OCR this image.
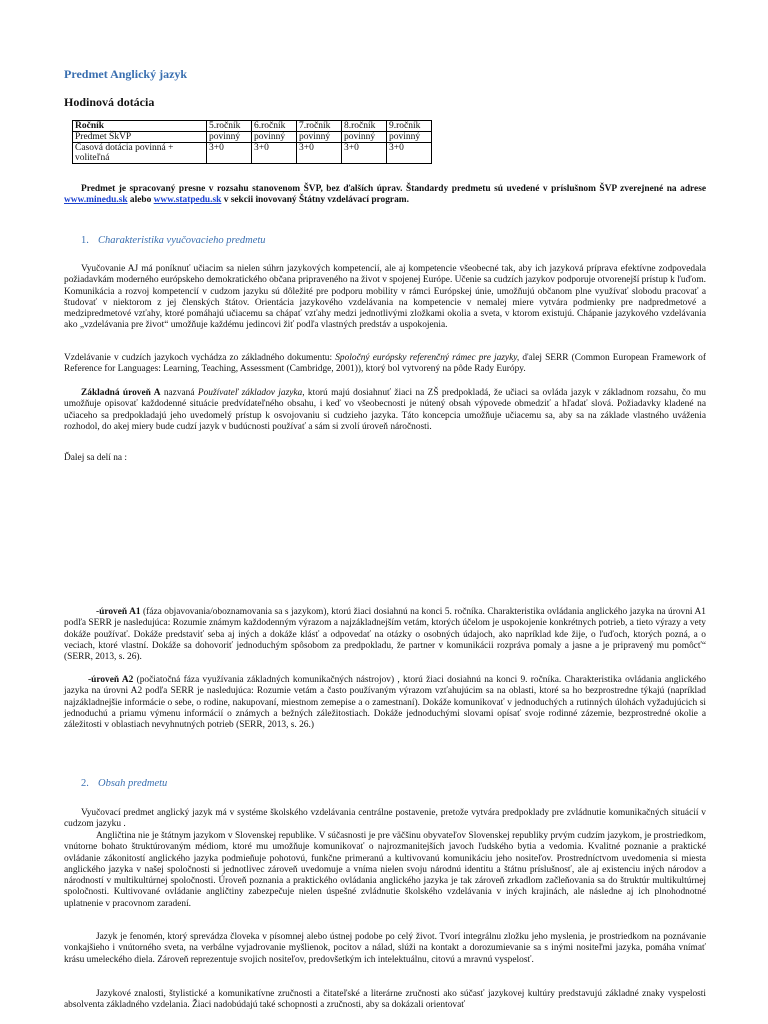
Predmet Anglický jazyk
Hodinová dotácia
Ročník	5.ročník	6.ročník	7.ročník	8.ročník	9.ročník
Predmet ŠkVP	povinný	povinný	povinný	povinný	povinný
Časová dotácia povinná + voliteľná	3+0	3+0	3+0	3+0	3+0
Predmet je spracovaný presne v rozsahu stanovenom ŠVP, bez ďalších úprav. Štandardy predmetu sú uvedené v príslušnom ŠVP zverejnené na adrese www.minedu.sk alebo www.statpedu.sk v sekcii inovovaný Štátny vzdelávací program.
1. Charakteristika vyučovacieho predmetu
Vyučovanie AJ má poníknuť učiacim sa nielen súhrn jazykových kompetencií, ale aj kompetencie všeobecné tak, aby ich jazyková príprava efektívne zodpovedala požiadavkám moderného európskeho demokratického občana pripraveného na život v spojenej Európe. Učenie sa cudzích jazykov podporuje otvorenejší prístup k ľuďom. Komunikácia a rozvoj kompetencií v cudzom jazyku sú dôležité pre podporu mobility v rámci Európskej únie, umožňujú občanom plne využívať slobodu pracovať a študovať v niektorom z jej členských štátov. Orientácia jazykového vzdelávania na kompetencie v nemalej miere vytvára podmienky pre nadpredmetové a medzipredmetové vzťahy, ktoré pomáhajú učiacemu sa chápať vzťahy medzi jednotlivými zložkami okolia a sveta, v ktorom existujú. Chápanie jazykového vzdelávania ako „vzdelávania pre život“ umožňuje každému jedincovi žiť podľa vlastných predstáv a uspokojenia.
Vzdelávanie v cudzích jazykoch vychádza zo základného dokumentu: Spoločný európsky referenčný rámec pre jazyky, ďalej SERR (Common European Framework of Reference for Languages: Learning, Teaching, Assessment (Cambridge, 2001)), ktorý bol vytvorený na pôde Rady Európy.
Základná úroveň A nazvaná Používateľ základov jazyka, ktorú majú dosiahnuť žiaci na ZŠ predpokladá, že učiaci sa ovláda jazyk v základnom rozsahu, čo mu umožňuje opisovať každodenné situácie predvídateľného obsahu, i keď vo všeobecnosti je nútený obsah výpovede obmedziť a hľadať slová. Požiadavky kladené na učiaceho sa predpokladajú jeho uvedomelý prístup k osvojovaniu si cudzieho jazyka. Táto koncepcia umožňuje učiacemu sa, aby sa na základe vlastného uváženia rozhodol, do akej miery bude cudzí jazyk v budúcnosti používať a sám si zvolí úroveň náročnosti.
Ďalej sa delí na :
-úroveň A1 (fáza objavovania/oboznamovania sa s jazykom), ktorú žiaci dosiahnú na konci 5. ročníka. Charakteristika ovládania anglického jazyka na úrovni A1 podľa SERR je nasledujúca: Rozumie známym každodenným výrazom a najzákladnejším vetám, ktorých účelom je uspokojenie konkrétnych potrieb, a tieto výrazy a vety dokáže používať. Dokáže predstaviť seba aj iných a dokáže klásť a odpovedať na otázky o osobných údajoch, ako napríklad kde žije, o ľuďoch, ktorých pozná, a o veciach, ktoré vlastní. Dokáže sa dohovoriť jednoduchým spôsobom za predpokladu, že partner v komunikácii rozpráva pomaly a jasne a je pripravený mu pomôcť“ (SERR, 2013, s. 26).
-úroveň A2 (počiatočná fáza využívania základných komunikačných nástrojov) , ktorú žiaci dosiahnú na konci 9. ročníka. Charakteristika ovládania anglického jazyka na úrovni A2 podľa SERR je nasledujúca: Rozumie vetám a často používaným výrazom vzťahujúcim sa na oblasti, ktoré sa ho bezprostredne týkajú (napríklad najzákladnejšie informácie o sebe, o rodine, nakupovaní, miestnom zemepise a o zamestnaní). Dokáže komunikovať v jednoduchých a rutinných úlohách vyžadujúcich si jednoduchú a priamu výmenu informácií o známych a bežných záležitostiach. Dokáže jednoduchými slovami opísať svoje rodinné zázemie, bezprostredné okolie a záležitosti v oblastiach nevyhnutných potrieb (SERR, 2013, s. 26.)
2. Obsah predmetu
Vyučovací predmet anglický jazyk má v systéme školského vzdelávania centrálne postavenie, pretože vytvára predpoklady pre zvládnutie komunikačných situácií v cudzom jazyku .
Angličtina nie je štátnym jazykom v Slovenskej republike. V súčasnosti je pre väčšinu obyvateľov Slovenskej republiky prvým cudzím jazykom, je prostriedkom, vnútorne bohato štruktúrovaným médiom, ktoré mu umožňuje komunikovať o najrozmanitejších javoch ľudského bytia a vedomia. Kvalitné poznanie a praktické ovládanie zákonitostí anglického jazyka podmieňuje pohotovú, funkčne primeranú a kultivovanú komunikáciu jeho nositeľov. Prostredníctvom uvedomenia si miesta anglického jazyka v našej spoločnosti si jednotlivec zároveň uvedomuje a vníma nielen svoju národnú identitu a štátnu príslušnosť, ale aj existenciu iných národov a národností v multikultúrnej spoločnosti. Úroveň poznania a praktického ovládania anglického jazyka je tak zároveň zrkadlom začleňovania sa do štruktúr multikultúrnej spoločnosti. Kultivované ovládanie angličtiny zabezpečuje nielen úspešné zvládnutie školského vzdelávania v iných krajinách, ale následne aj ich plnohodnotné uplatnenie v pracovnom zaradení.
Jazyk je fenomén, ktorý sprevádza človeka v písomnej alebo ústnej podobe po celý život. Tvorí integrálnu zložku jeho myslenia, je prostriedkom na poznávanie vonkajšieho i vnútorného sveta, na verbálne vyjadrovanie myšlienok, pocitov a nálad, slúži na kontakt a dorozumievanie sa s inými nositeľmi jazyka, pomáha vnímať krásu umeleckého diela. Zároveň reprezentuje svojich nositeľov, predovšetkým ich intelektuálnu, citovú a mravnú vyspelosť.
Jazykové znalosti, štylistické a komunikatívne zručnosti a čitateľské a literárne zručnosti ako súčasť jazykovej kultúry predstavujú základné znaky vyspelosti absolventa základného vzdelania. Žiaci nadobúdajú také schopnosti a zručnosti, aby sa dokázali orientovať
